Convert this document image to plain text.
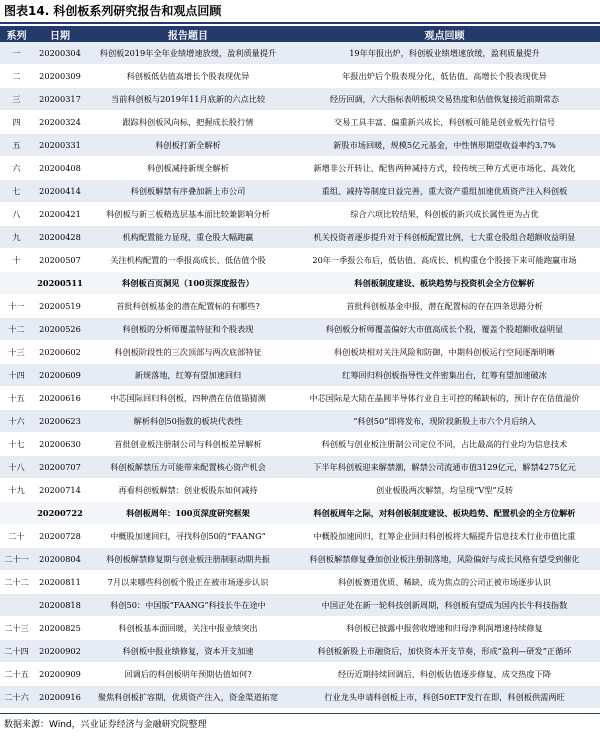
图表14. 科创板系列研究报告和观点回顾
系列	日期	报告题目	观点回顾
一	20200304	科创板2019年全年业绩增速放缓，盈利质量提升	19年年报出炉，科创板业绩增速放缓，盈利质量提升
二	20200309	科创板低估值高增长个股表现优异	年报出炉后个股表现分化，低估值、高增长个股表现优异
三	20200317	当前科创板与2019年11月底新的六点比较	经历回调，六大指标表明板块交易热度和估值恢复接近前期常态
四	20200324	跟踪科创板风向标，把握成长股行情	交易工具丰富、偏重新兴成长，科创板可能是创业板先行信号
五	20200331	科创板打新全解析	新股市场回暖，规模5亿元基金，中性情形期望收益率约3.7%
六	20200408	科创板减持新规全解析	新增非公开转让、配售两种减持方式，较传统三种方式更市场化、高效化
七	20200414	科创板解禁有序叠加新上市公司	重组、减持等制度日益完善，重大资产重组加速优质资产注入科创板
八	20200421	科创板与新三板精选层基本面比较兼影响分析	综合六项比较结果，科创板的新兴成长属性更为占优
九	20200428	机构配置能力显现，重仓股大幅跑赢	机关投资者逐步提升对于科创板配置比例，七大重仓股组合超额收益明显
十	20200507	关注机构配置的一季报高成长、低估值个股	20年一季报公布后，低估值、高成长、机构重仓个股接下来可能跑赢市场
	20200511	科创板百页洞见（100页深度报告）	科创板制度建设、板块趋势与投资机会全方位解析
十一	20200519	首批科创板基金的潜在配置标的有哪些?	首批科创板基金申报，潜在配置标的存在四条思路分析
十二	20200526	科创板的分析师覆盖特征和个股表现	科创板分析师覆盖偏好大市值高成长个股，覆盖个股超额收益明显
十三	20200602	科创板阶段性的三次顶部与两次底部特征	科创板块相对关注风险和防御，中期科创板运行空间逐渐明晰
十四	20200609	新规落地，红筹有望加速回归	红筹回归科创板指导性文件密集出台，红筹有望加速破冰
十五	20200616	中芯国际回归科创板，四种潜在估值锚猜测	中芯国际是大陆在晶圆半导体行业自主可控的稀缺标的，预计存在估值溢价
十六	20200623	解析科创50指数的板块代表性	“科创50”即将发布，现阶段新股上市六个月后纳入
十七	20200630	首批创业板注册制公司与科创板差异解析	科创板与创业板注册制公司定位不同，占比最高的行业均为信息技术
十八	20200707	科创板解禁压力可能带来配置核心资产机会	下半年科创板迎来解禁潮，解禁公司流通市值3129亿元，解禁4275亿元
十九	20200714	再看科创板解禁：创业板股东如何减持	创业板股两次解禁，均呈现“V型”反转
	20200722	科创板周年：100页深度研究框架	科创板周年之际，对科创板制度建设、板块趋势、配置机会的全方位解析
二十	20200728	中概股加速回归，寻找科创50的“FAANG”	中概股加速回归，红筹企业回归科创板将大幅提升信息技术行业市值比重
二十一	20200804	科创板解禁修复期与创业板注册制驱动期共振	科创板解禁修复叠加创业板注册制落地，风险偏好与成长风格有望受到催化
二十二	20200811	7月以来哪些科创板个股正在被市场逐步认识	科创板赛道优质、稀缺、成为焦点的公司正被市场逐步认识
	20200818	科创50：中国版“FAANG”科技长牛在途中	中国正处在新一轮科技创新周期，科创板有望成为国内长牛科技指数
二十三	20200825	科创板基本面回暖，关注中报业绩突出	科创板已披露中报营收增速和归母净利润增速持续修复
二十四	20200902	科创板中报业绩修复，资本开支加速	科创板新股上市融资后，加快资本开支节奏，形成“盈利—研发”正循环
二十五	20200909	回调后的科创板明年预期估值如何?	经历近期持续回调后，科创板估值逐步修复，成交热度下降
二十六	20200916	聚焦科创板扩容期，优质资产注入，资金渠道拓宽	行业龙头申请科创板上市，科创50ETF发行在即，科创板供需两旺
数据来源：Wind，兴业证券经济与金融研究院整理
